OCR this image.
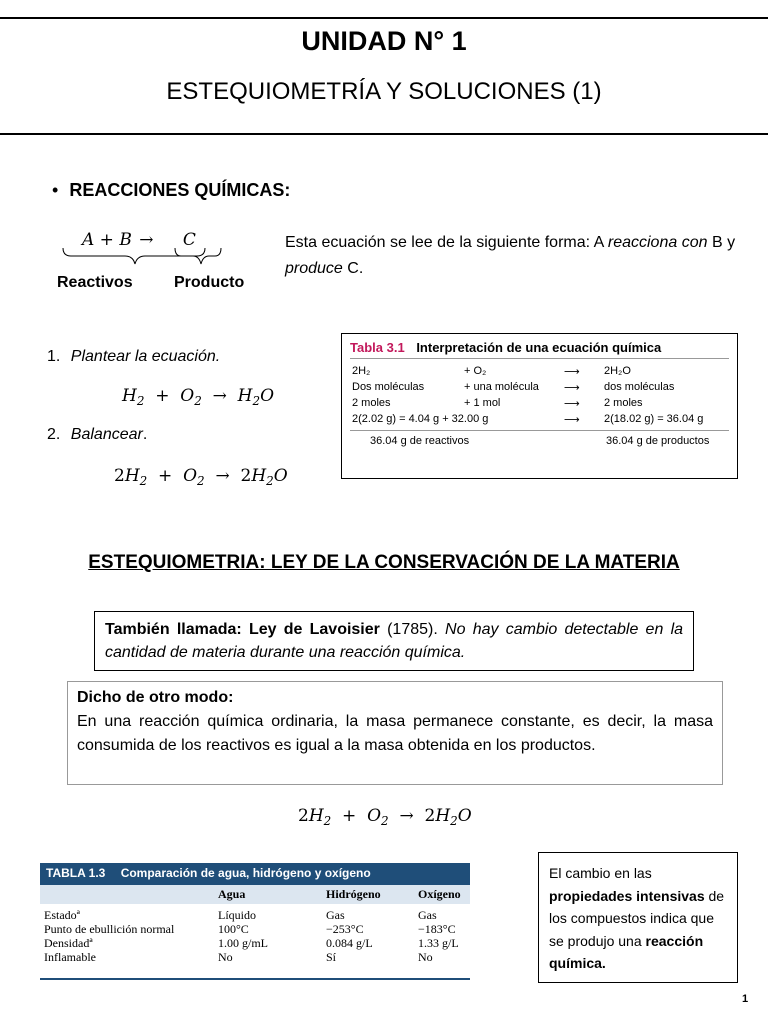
UNIDAD N° 1
ESTEQUIOMETRÍA Y SOLUCIONES (1)
• REACCIONES QUÍMICAS:
A + B → C
Reactivos	Producto
Esta ecuación se lee de la siguiente forma: A reacciona con B y produce C.
1. Plantear la ecuación.
$H_2 + O_2 \to H_2O$
2. Balancear.
$2H_2 + O_2 \to 2H_2O$
Tabla 3.1 Interpretación de una ecuación química
2H₂	+ O₂	⟶	2H₂O
Dos moléculas	+ una molécula	⟶	dos moléculas
2 moles	+ 1 mol	⟶	2 moles
2(2.02 g) = 4.04 g + 32.00 g		⟶	2(18.02 g) = 36.04 g
36.04 g de reactivos	36.04 g de productos
ESTEQUIOMETRIA: LEY DE LA CONSERVACIÓN DE LA MATERIA
También llamada: Ley de Lavoisier (1785). No hay cambio detectable en la cantidad de materia durante una reacción química.
Dicho de otro modo:
En una reacción química ordinaria, la masa permanece constante, es decir, la masa consumida de los reactivos es igual a la masa obtenida en los productos.
$2H_2 + O_2 \to 2H_2O$
TABLA 1.3 Comparación de agua, hidrógeno y oxígeno
	Agua	Hidrógeno	Oxígeno
Estadoª	Líquido	Gas	Gas
Punto de ebullición normal	100°C	−253°C	−183°C
Densidadª	1.00 g/mL	0.084 g/L	1.33 g/L
Inflamable	No	Sí	No
El cambio en las propiedades intensivas de los compuestos indica que se produjo una reacción química.
1
